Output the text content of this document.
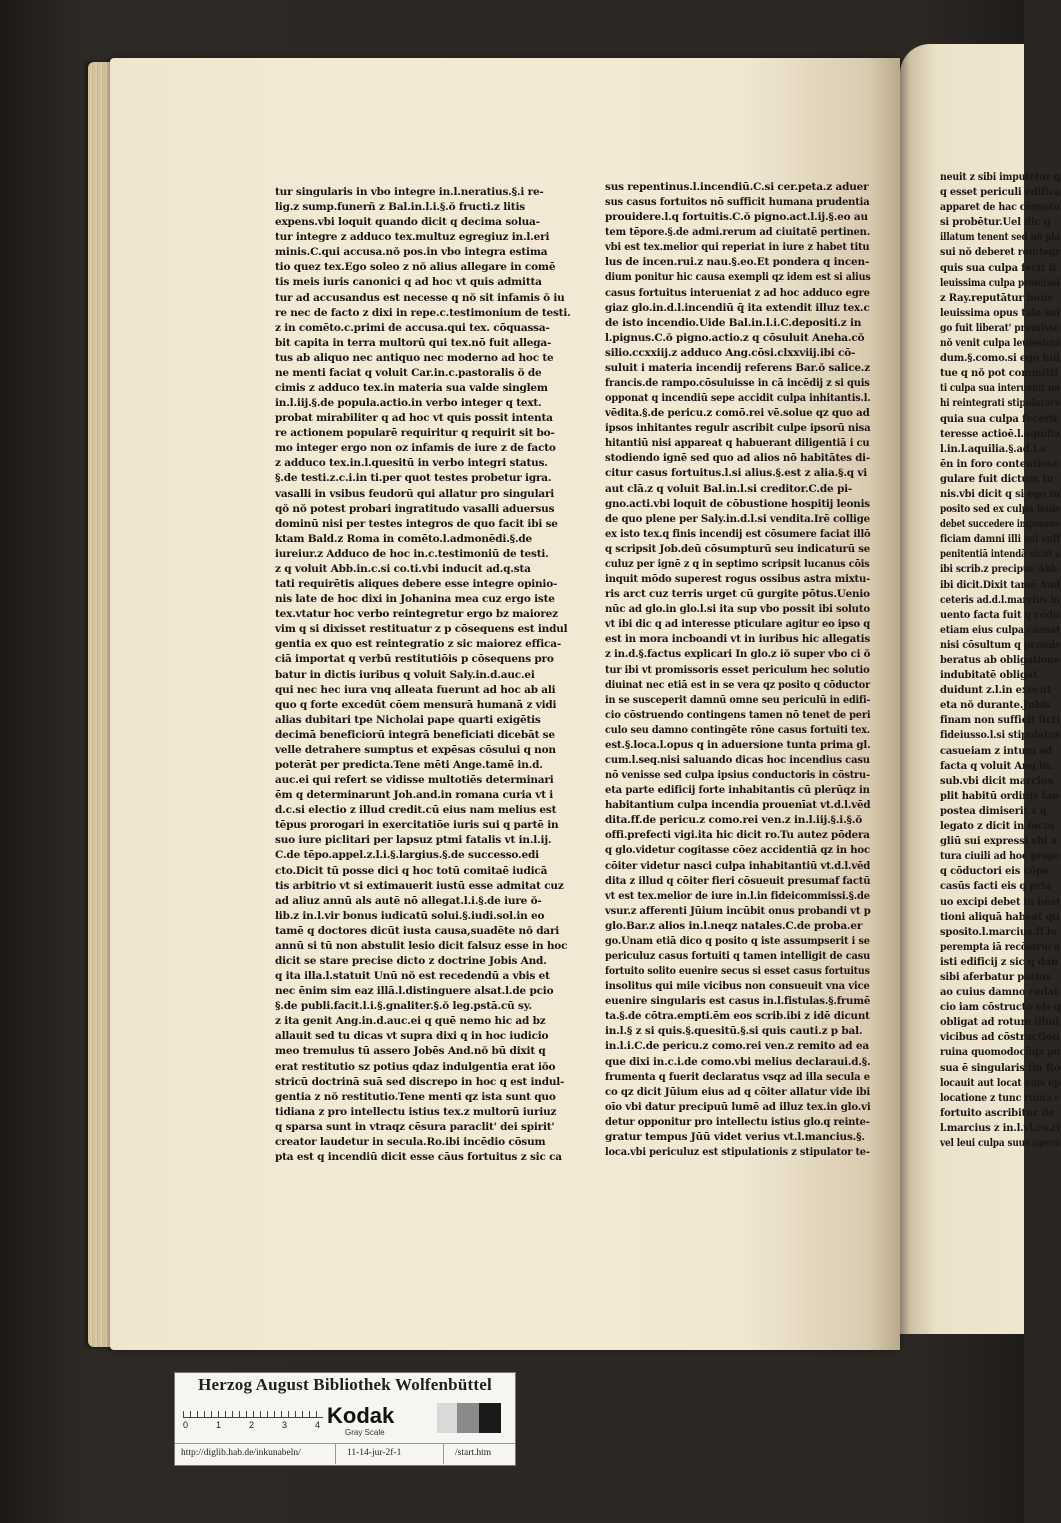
tur singularis in vbo integre in.l.neratius.§.i re-
lig.z sump.funerñ z Bal.in.l.i.§.ŏ fructi.z litis
expens.vbi loquit quando dicit q decima solua-
tur integre z adduco tex.multuz egregiuz in.l.eri
minis.C.qui accusa.nŏ pos.in vbo integra estima
tio quez tex.Ego soleo z nŏ alius allegare in comē
tis meis iuris canonici q ad hoc vt quis admitta
tur ad accusandus est necesse q nŏ sit infamis ŏ iu
re nec de facto z dixi in repe.c.testimonium de testi.
z in comēto.c.primi de accusa.qui tex. cōquassa-
bit capita in terra multorū qui tex.nō fuit allega-
tus ab aliquo nec antiquo nec moderno ad hoc te
ne menti faciat q voluit Car.in.c.pastoralis ŏ de
cimis z adduco tex.in materia sua valde singlem
in.l.iij.§.de popula.actio.in verbo integer q text.
probat mirabiliter q ad hoc vt quis possit intenta
re actionem popularē requiritur q requirit sit bo-
mo integer ergo non oz infamis de iure z de facto
z adduco tex.in.l.quesitū in verbo integri status.
§.de testi.z.c.i.in ti.per quot testes probetur igra.
vasalli in vsibus feudorū qui allatur pro singulari
qŏ nŏ potest probari ingratitudo vasalli aduersus
dominū nisi per testes integros de quo facit ibi se
ktam Bald.z Roma in comēto.l.admonēdi.§.de
iureiur.z Adduco de hoc in.c.testimoniū de testi.
z q voluit Abb.in.c.si co.ti.vbi inducit ad.q.sta
tati requirētis aliques debere esse integre opinio-
nis late de hoc dixi in Johanina mea cuz ergo iste
tex.vtatur hoc verbo reintegretur ergo bz maiorez
vim q si dixisset restituatur z p cōsequens est indul
gentia ex quo est reintegratio z sic maiorez effica-
ciā importat q verbū restitutiōis p cōsequens pro
batur in dictis iuribus q voluit Saly.in.d.auc.ei
qui nec hec iura vnq alleata fuerunt ad hoc ab ali
quo q forte excedūt cōem mensurā humanā z vidi
alias dubitari tpe Nicholai pape quarti exigētis
decimā beneficiorū integrā beneficiati dicebāt se
velle detrahere sumptus et expēsas cōsului q non
poterāt per predicta.Tene mēti Ange.tamē in.d.
auc.ei qui refert se vidisse multotiēs determinari
ēm q determinarunt Joh.and.in romana curia vt i
d.c.si electio z illud credit.cū eius nam melius est
tēpus prorogari in exercitatiōe iuris sui q partē in
suo iure piclitari per lapsuz ptmi fatalis vt in.l.ij.
C.de tēpo.appel.z.l.i.§.largius.§.de successo.edi
cto.Dicit tū posse dici q hoc totū comitaē iudicā
tis arbitrio vt si extimauerit iustū esse admitat cuz
ad aliuz annū als autē nō allegat.l.i.§.de iure ŏ-
lib.z in.l.vir bonus iudicatū solui.§.iudi.sol.in eo
tamē q doctores dicūt iusta causa,suadēte nŏ dari
annū si tū non abstulit lesio dicit falsuz esse in hoc
dicit se stare precise dicto z doctrine Jobis And.
q ita illa.l.statuit Unū nŏ est recedendū a vbis et
nec ēnim sim eaz illā.l.distinguere alsat.l.de pcio
§.de publi.facit.l.i.§.gnaliter.§.ŏ leg.pstā.cū sy.
z ita genit Ang.in.d.auc.ei q quē nemo hic ad bz
allauit sed tu dicas vt supra dixi q in hoc iudicio
meo tremulus tū assero Jobēs And.nŏ bū dixit q
erat restitutio sz potius qdaz indulgentia erat iŏo
stricū doctrinā suā sed discrepo in hoc q est indul-
gentia z nŏ restitutio.Tene menti qz ista sunt quo
tidiana z pro intellectu istius tex.z multorū iuriuz
q sparsa sunt in vtraqz cēsura paraclit' dei spirit'
creator laudetur in secula.Ro.ibi incēdio cōsum
pta est q incendiū dicit esse cāus fortuitus z sic ca
sus repentinus.l.incendiū.C.si cer.peta.z aduer
sus casus fortuitos nō sufficit humana prudentia
prouidere.l.q fortuitis.C.ŏ pigno.act.l.ij.§.eo au
tem tēpore.§.de admi.rerum ad ciuitatē pertinen.
vbi est tex.melior qui reperiat in iure z habet titu
lus de incen.rui.z nau.§.eo.Et pondera q incen-
dium ponitur hic causa exempli qz idem est si alius
casus fortuitus interueniat z ad hoc adduco egre
giaz glo.in.d.l.incendiū q̄ ita extendit illuz tex.c
de isto incendio.Uide Bal.in.l.i.C.depositi.z in
l.pignus.C.ŏ pigno.actio.z q cōsuluit Aneha.cŏ
silio.ccxxiij.z adduco Ang.cōsi.clxxviij.ibi cō-
suluit i materia incendij referens Bar.ŏ salice.z
francis.de rampo.cōsuluisse in cā incēdij z si quis
opponat q incendiū sepe accidit culpa inhitantis.l.
vēdita.§.de pericu.z comō.rei vē.solue qz quo ad
ipsos inhitantes regulr ascribit culpe ipsorū nisa
hitantiū nisi appareat q habuerant diligentiā i cu
stodiendo ignē sed quo ad alios nō habitātes di-
citur casus fortuitus.l.si alius.§.est z alia.§.q vi
aut clā.z q voluit Bal.in.l.si creditor.C.de pi-
gno.acti.vbi loquit de cōbustione hospitij leonis
de quo plene per Saly.in.d.l.si vendita.Irē collige
ex isto tex.q finis incendij est cōsumere faciat illō
q scripsit Job.deū cōsumpturū seu indicaturū se
culuz per ignē z q in septimo scripsit lucanus cōis
inquit mōdo superest rogus ossibus astra mixtu-
ris arct cuz terris urget cū gurgite pōtus.Uenio
nūc ad glo.in glo.l.si ita sup vbo possit ibi soluto
vt ibi dic q ad interesse pticulare agitur eo ipso q
est in mora incboandi vt in iuribus hic allegatis
z in.d.§.factus explicari In glo.z iŏ super vbo ci ŏ
tur ibi vt promissoris esset periculum hec solutio
diuinat nec etiā est in se vera qz posito q cōductor
in se susceperit damnū omne seu periculū in edifi-
cio cōstruendo contingens tamen nō tenet de peri
culo seu damno contingēte rōne casus fortuiti tex.
est.§.loca.l.opus q in aduersione tunta prima gl.
cum.l.seq.nisi saluando dicas hoc incendius casu
nō venisse sed culpa ipsius conductoris in cōstru-
eta parte edificij forte inhabitantis cū plerūqz in
habitantium culpa incendia prouenīat vt.d.l.vēd
dita.ff.de pericu.z como.rei ven.z in.l.iij.§.i.§.ŏ
offi.prefecti vigi.ita hic dicit ro.Tu autez pōdera
q glo.videtur cogitasse cōez accidentiā qz in hoc
cōiter videtur nasci culpa inhabitantiū vt.d.l.vēd
dita z illud q cōiter fieri cōsueuit presumaf factū
vt est tex.melior de iure in.l.in fideicommissi.§.de
vsur.z afferenti Jūium incūbit onus probandi vt p
glo.Bar.z alios in.l.neqz natales.C.de proba.er
go.Unam etiā dico q posito q iste assumpserit i se
periculuz casus fortuiti q tamen intelligit de casu
fortuito solito euenire secus si esset casus fortuitus
insolitus qui mile vicibus non consueuit vna vice
euenire singularis est casus in.l.fistulas.§.frumē
ta.§.de cōtra.empti.ēm eos scrib.ibi z idē dicunt
in.l.§ z si quis.§.quesitū.§.si quis cauti.z p bal.
in.l.i.C.de pericu.z como.rei ven.z remito ad ea
que dixi in.c.i.de como.vbi melius declaraui.d.§.
frumenta q fuerit declaratus vsqz ad illa secula e
co qz dicit Jūium eius ad q cōiter allatur vide ibi
oīo vbi datur precipuū lumē ad illuz tex.in glo.vi
detur opponitur pro intellectu istius glo.q reinte-
gratur tempus Jūū videt verius vt.l.mancius.§.
loca.vbi periculuz est stipulationis z stipulator te-
neuit z sibi imputetur q
q esset periculi edifica
apparet de hac cōsuetu
si probētur.Uel dic q
illatum tenent sed nŏ pla
sui nŏ deberet reintegr
quis sua culpa fecit li
leuissima culpa promissi
z Ray.reputātur bone
leuissima opus tale sui
go fuit liberat' promisso
nŏ venit culpa leuissima
dum.§.como.si ego hui
tue q nŏ pot committi
ti culpa sua interuenit no
hi reintegrati stipulatore
quia sua culpa fecerit
teresse actioē.l.aquilia
l.in.l.aquilia.§.ad.l.a
ēn in foro contentioso
gulare fuit dictum In
nis.vbi dicit q si ego in
posito sed ex culpa leuis
debet succedere imponere
ficiam damni illi sui suff
penitentiā intendā sicut z
ibi scrib.z precipue Abb.
ibi dicit.Dixit tamē And
ceteris ad.d.l.marcius in
uento facta fuit q cōdu
etiam eius culpa causat
nisi cōsultum q promis
beratus ab obligatione
indubitatē obligat
duidunt z.l.in execut
eta nŏ durante.Jnbis
finam non sufficit ficti
fideiusso.l.si stipulatus
casueiam z intum ad
facta q voluit Ang.in.
sub.vbi dicit marcius
plit habitū ordinis fan
postea dimiserit z q
legato z dicit in facto
gliū sui expressi vbi a
tura ciuili ad hoc propo
q cōductori eis cōpe
casūs facti eis q pria
uo excipi debet in bēat
tioni aliquā habeat qu
sposito.l.marcius.ff.lo
perempta iā recōstrucn
isti edificij z sic q dan
sibi aferbatur potius
ao cuius damno cedat
cio iam cōstructo eis q
obligat ad rotum illud
vicibus ad cōstruction
ruina quomodocūqz pu
sua ē singularis fm Ro
locauit aut locat eius op
locatione z tunc ruina c
fortuito ascribitur de
l.marcius z in.l.vl.co.ri
vel leui culpa suus opera
Herzog August Bibliothek Wolfenbüttel
0	1	2	3	4 Kodak
Gray Scale
http://diglib.hab.de/inkunabeln/	11-14-jur-2f-1	/start.htm
